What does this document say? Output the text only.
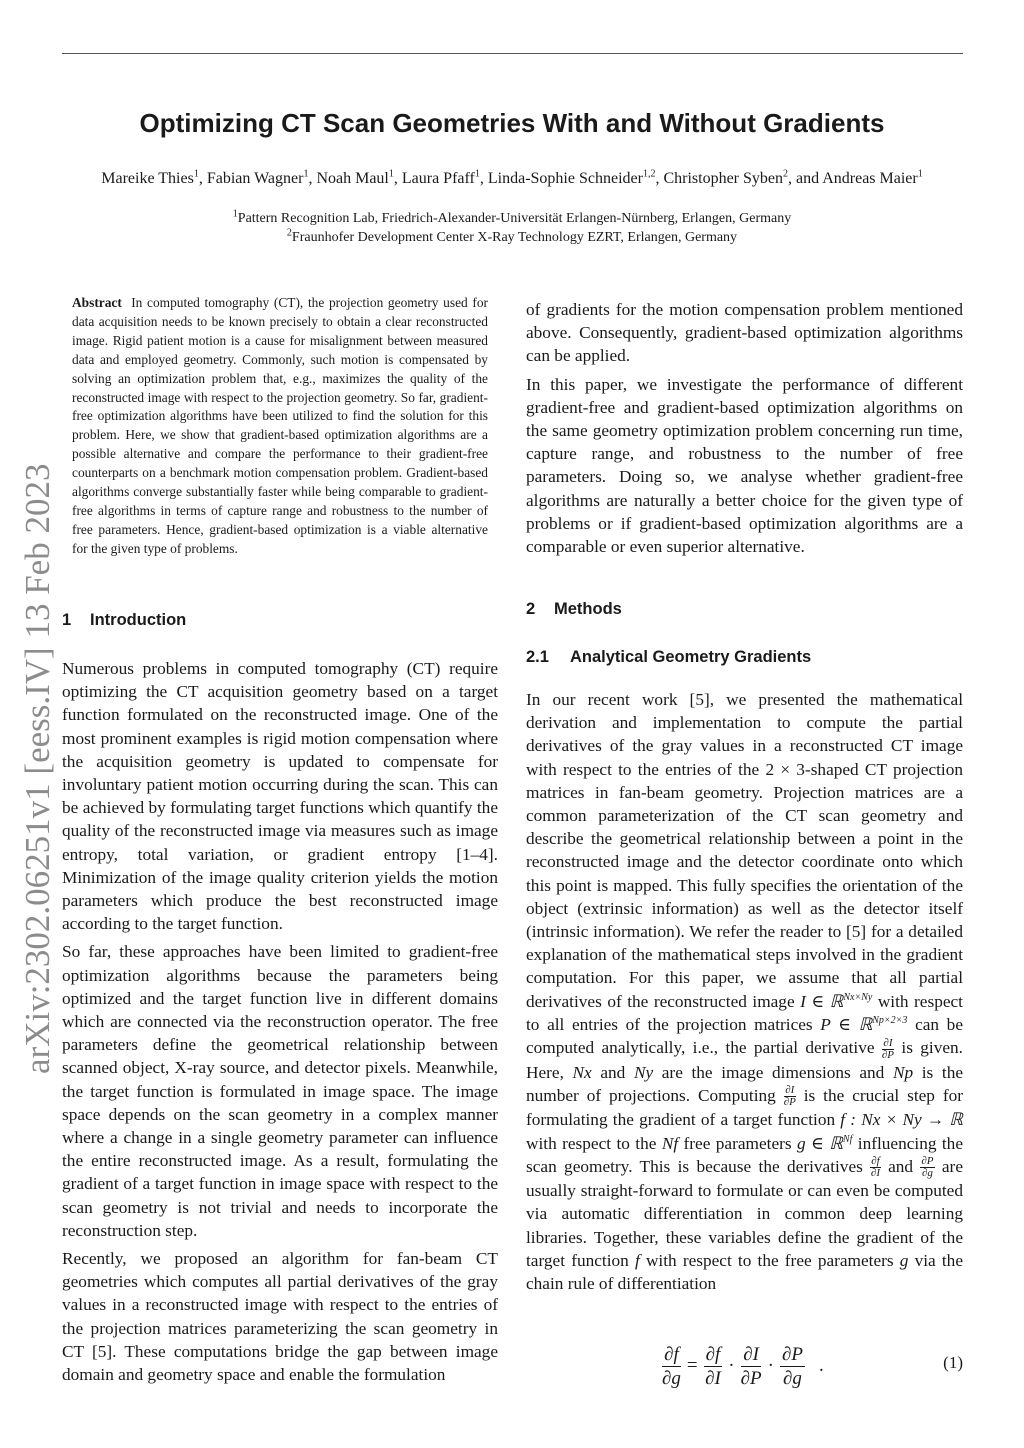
Optimizing CT Scan Geometries With and Without Gradients
Mareike Thies$^1$, Fabian Wagner$^1$, Noah Maul$^1$, Laura Pfaff$^1$, Linda-Sophie Schneider$^{1,2}$, Christopher Syben$^2$, and Andreas Maier$^1$
$^1$Pattern Recognition Lab, Friedrich-Alexander-Universität Erlangen-Nürnberg, Erlangen, Germany
$^2$Fraunhofer Development Center X-Ray Technology EZRT, Erlangen, Germany
arXiv:2302.06251v1 [eess.IV] 13 Feb 2023

Abstract In computed tomography (CT), the projection geometry used for data acquisition needs to be known precisely to obtain a clear reconstructed image. Rigid patient motion is a cause for misalignment between measured data and employed geometry. Commonly, such motion is compensated by solving an optimization problem that, e.g., maximizes the quality of the reconstructed image with respect to the projection geometry. So far, gradient-free optimization algorithms have been utilized to find the solution for this problem. Here, we show that gradient-based optimization algorithms are a possible alternative and compare the performance to their gradient-free counterparts on a benchmark motion compensation problem. Gradient-based algorithms converge substantially faster while being comparable to gradient-free algorithms in terms of capture range and robustness to the number of free parameters. Hence, gradient-based optimization is a viable alternative for the given type of problems.

1 Introduction

Numerous problems in computed tomography (CT) require optimizing the CT acquisition geometry based on a target function formulated on the reconstructed image. One of the most prominent examples is rigid motion compensation where the acquisition geometry is updated to compensate for involuntary patient motion occurring during the scan. This can be achieved by formulating target functions which quantify the quality of the reconstructed image via measures such as image entropy, total variation, or gradient entropy [1–4]. Minimization of the image quality criterion yields the motion parameters which produce the best reconstructed image according to the target function.

So far, these approaches have been limited to gradient-free optimization algorithms because the parameters being optimized and the target function live in different domains which are connected via the reconstruction operator. The free parameters define the geometrical relationship between scanned object, X-ray source, and detector pixels. Meanwhile, the target function is formulated in image space. The image space depends on the scan geometry in a complex manner where a change in a single geometry parameter can influence the entire reconstructed image. As a result, formulating the gradient of a target function in image space with respect to the scan geometry is not trivial and needs to incorporate the reconstruction step.

Recently, we proposed an algorithm for fan-beam CT geometries which computes all partial derivatives of the gray values in a reconstructed image with respect to the entries of the projection matrices parameterizing the scan geometry in CT [5]. These computations bridge the gap between image domain and geometry space and enable the formulation

of gradients for the motion compensation problem mentioned above. Consequently, gradient-based optimization algorithms can be applied.

In this paper, we investigate the performance of different gradient-free and gradient-based optimization algorithms on the same geometry optimization problem concerning run time, capture range, and robustness to the number of free parameters. Doing so, we analyse whether gradient-free algorithms are naturally a better choice for the given type of problems or if gradient-based optimization algorithms are a comparable or even superior alternative.

2 Methods
2.1 Analytical Geometry Gradients

In our recent work [5], we presented the mathematical derivation and implementation to compute the partial derivatives of the gray values in a reconstructed CT image with respect to the entries of the 2 × 3-shaped CT projection matrices in fan-beam geometry. Projection matrices are a common parameterization of the CT scan geometry and describe the geometrical relationship between a point in the reconstructed image and the detector coordinate onto which this point is mapped. This fully specifies the orientation of the object (extrinsic information) as well as the detector itself (intrinsic information). We refer the reader to [5] for a detailed explanation of the mathematical steps involved in the gradient computation. For this paper, we assume that all partial derivatives of the reconstructed image I ∈ ℝ$^{Nx\times Ny}$ with respect to all entries of the projection matrices P ∈ ℝ$^{Np\times 2\times 3}$ can be computed analytically, i.e., the partial derivative $\frac{\partial I}{\partial P}$ is given. Here, Nx and Ny are the image dimensions and Np is the number of projections. Computing $\frac{\partial I}{\partial P}$ is the crucial step for formulating the gradient of a target function f : Nx × Ny → ℝ with respect to the Nf free parameters g ∈ ℝ$^{Nf}$ influencing the scan geometry. This is because the derivatives $\frac{\partial f}{\partial I}$ and $\frac{\partial P}{\partial g}$ are usually straight-forward to formulate or can even be computed via automatic differentiation in common deep learning libraries. Together, these variables define the gradient of the target function f with respect to the free parameters g via the chain rule of differentiation

$\frac{\partial f}{\partial g} = \frac{\partial f}{\partial I} \cdot \frac{\partial I}{\partial P} \cdot \frac{\partial P}{\partial g}$ .	(1)
